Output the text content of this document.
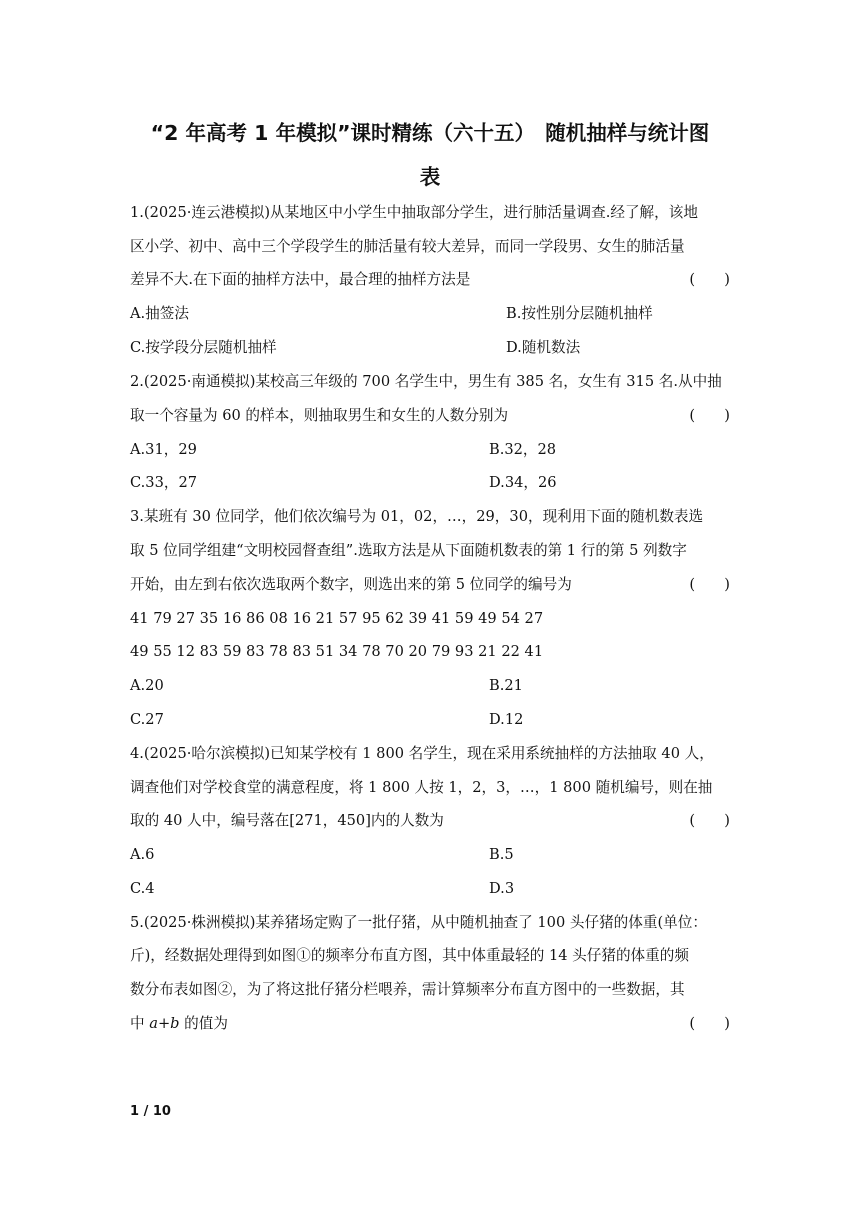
“2 年高考 1 年模拟”课时精练（六十五）　随机抽样与统计图
表
1.(2025·连云港模拟)从某地区中小学生中抽取部分学生，进行肺活量调查.经了解，该地
区小学、初中、高中三个学段学生的肺活量有较大差异，而同一学段男、女生的肺活量
差异不大.在下面的抽样方法中，最合理的抽样方法是	(　　)
A.抽签法	B.按性别分层随机抽样
C.按学段分层随机抽样	D.随机数法
2.(2025·南通模拟)某校高三年级的 700 名学生中，男生有 385 名，女生有 315 名.从中抽
取一个容量为 60 的样本，则抽取男生和女生的人数分别为	(　　)
A.31，29	B.32，28
C.33，27	D.34，26
3.某班有 30 位同学，他们依次编号为 01，02，…，29，30，现利用下面的随机数表选
取 5 位同学组建“文明校园督查组”.选取方法是从下面随机数表的第 1 行的第 5 列数字
开始，由左到右依次选取两个数字，则选出来的第 5 位同学的编号为	(　　)
41 79 27 35 16 86 08 16 21 57 95 62 39 41 59 49 54 27
49 55 12 83 59 83 78 83 51 34 78 70 20 79 93 21 22 41
A.20	B.21
C.27	D.12
4.(2025·哈尔滨模拟)已知某学校有 1 800 名学生，现在采用系统抽样的方法抽取 40 人，
调查他们对学校食堂的满意程度，将 1 800 人按 1，2，3，…，1 800 随机编号，则在抽
取的 40 人中，编号落在[271，450]内的人数为	(　　)
A.6	B.5
C.4	D.3
5.(2025·株洲模拟)某养猪场定购了一批仔猪，从中随机抽查了 100 头仔猪的体重(单位：
斤)，经数据处理得到如图①的频率分布直方图，其中体重最轻的 14 头仔猪的体重的频
数分布表如图②，为了将这批仔猪分栏喂养，需计算频率分布直方图中的一些数据，其
中 a+b 的值为	(　　)
1 / 10
